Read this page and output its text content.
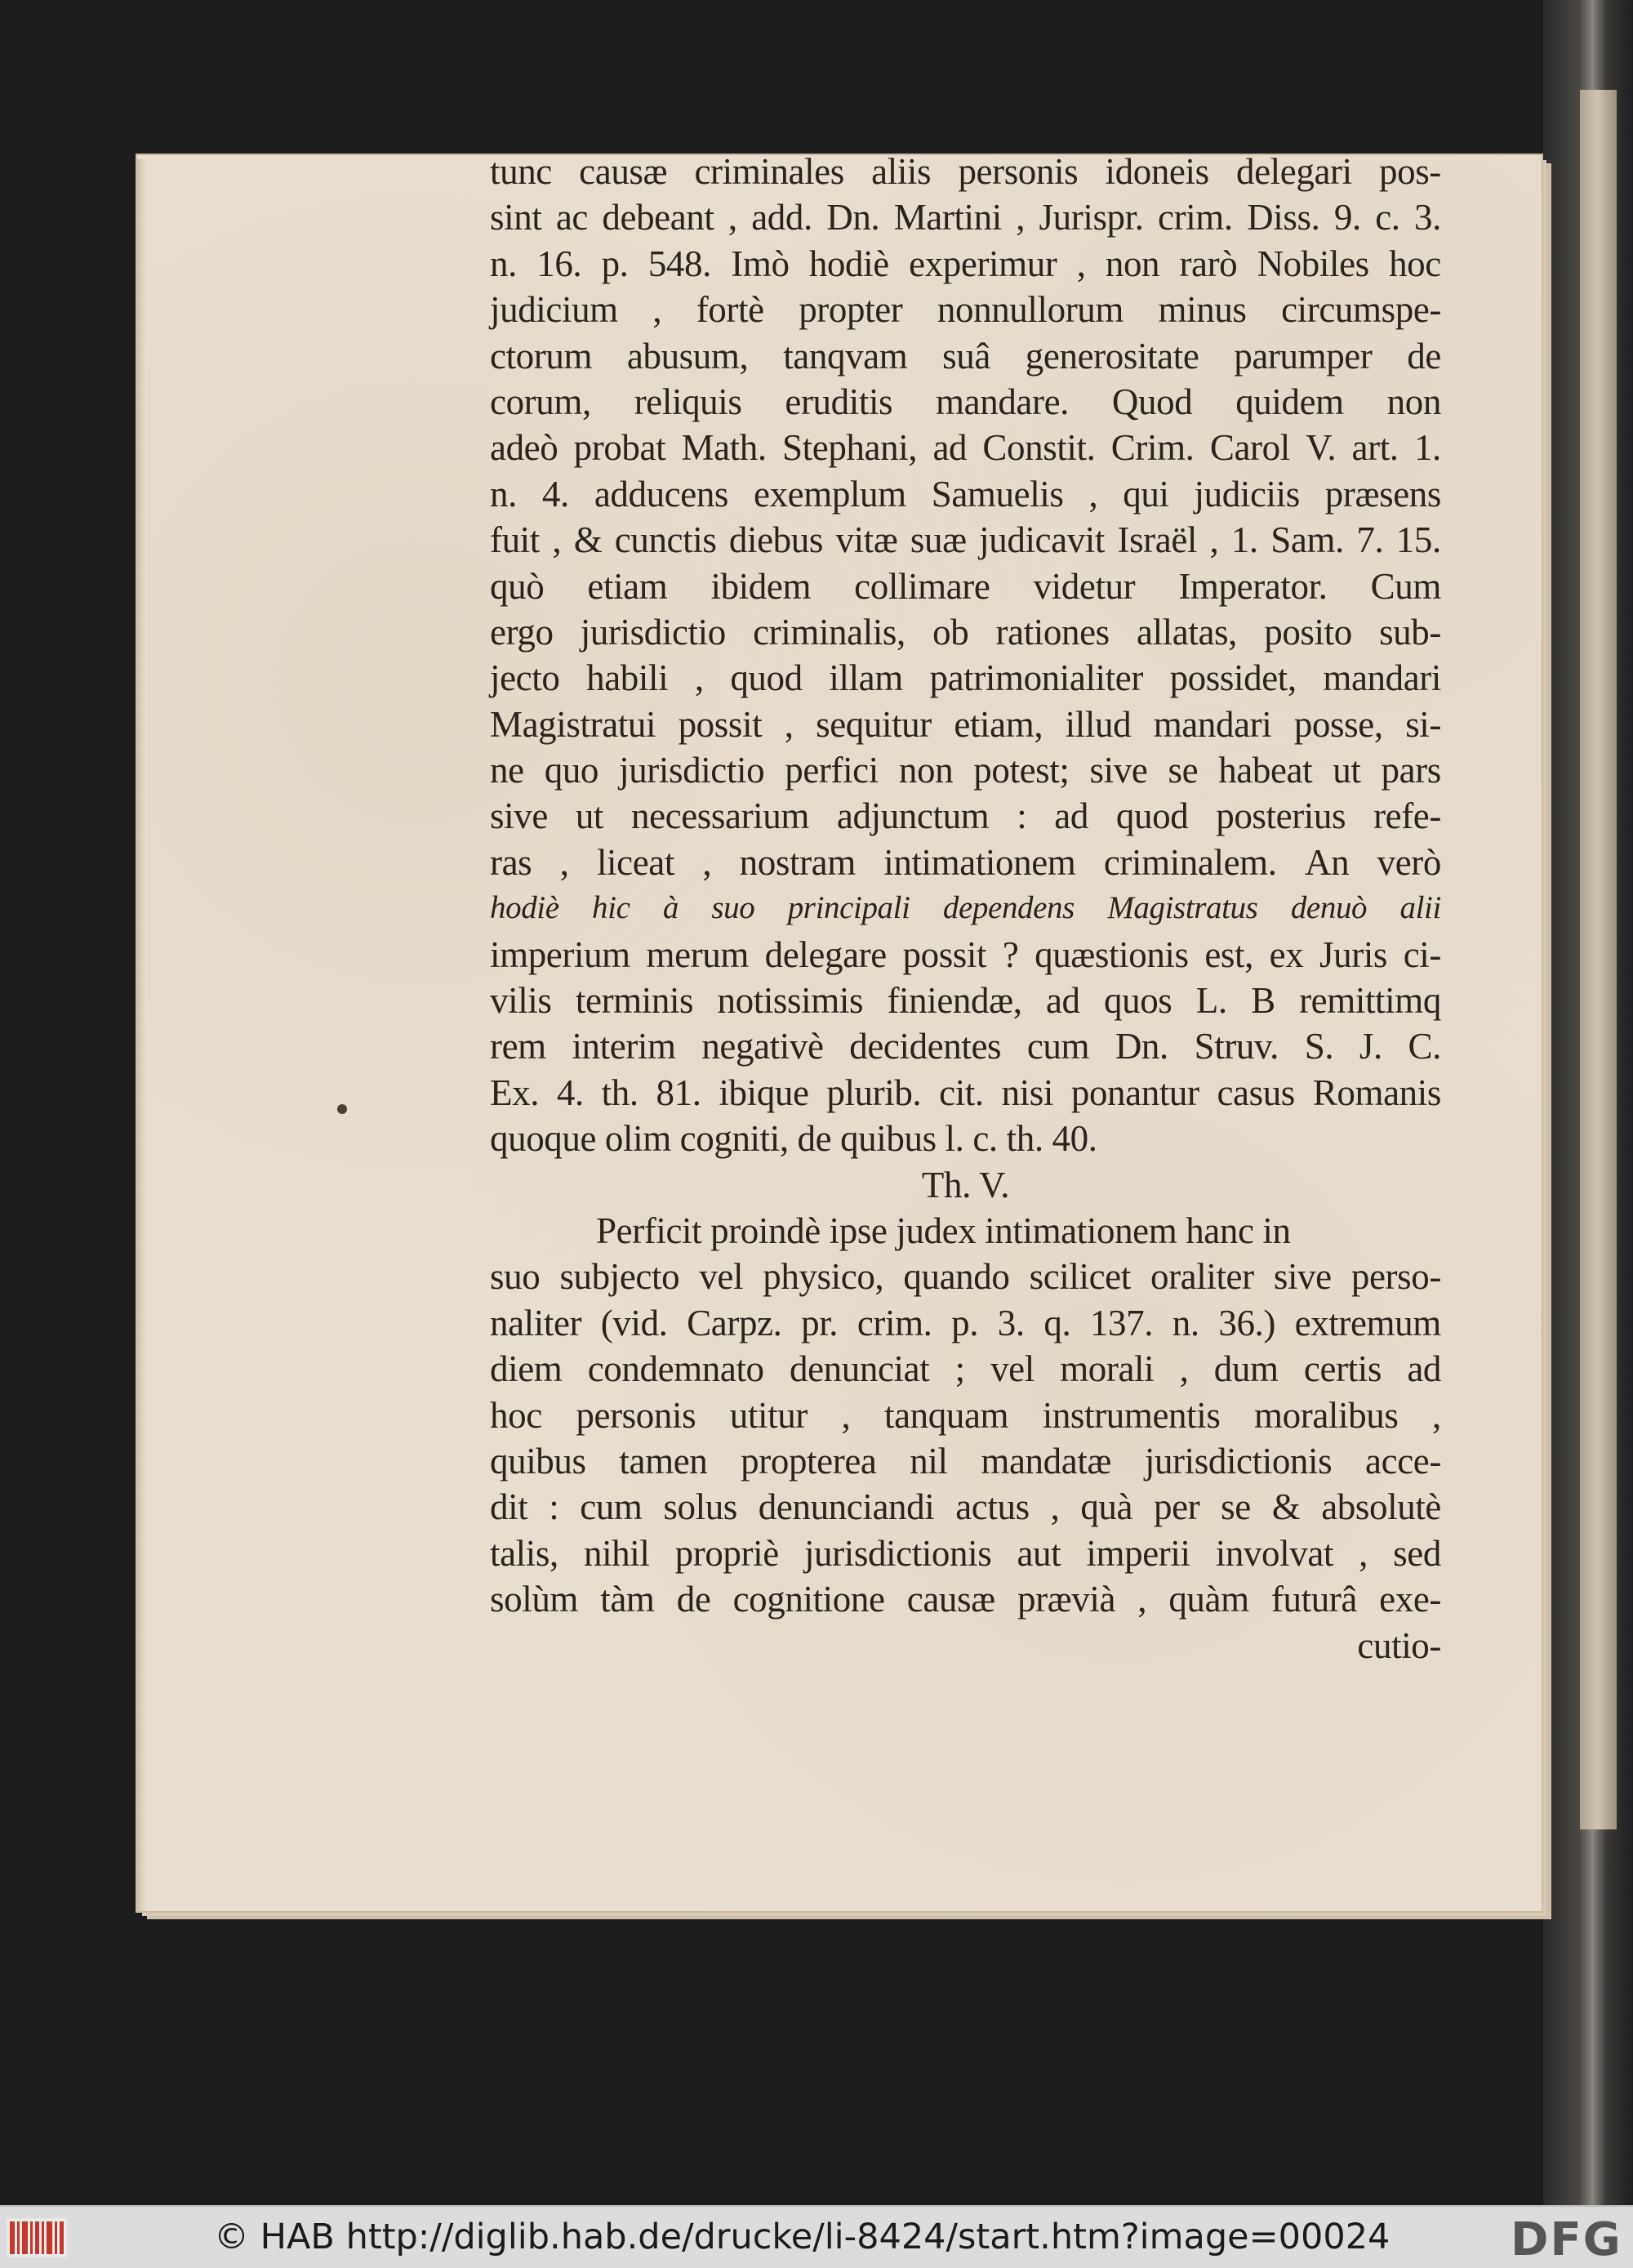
tunc causæ criminales aliis personis idoneis delegari pos-
sint ac debeant , add. Dn. Martini , Jurispr. crim. Diss. 9. c. 3.
n. 16. p. 548. Imò hodiè experimur , non rarò Nobiles hoc
judicium , fortè propter nonnullorum minus circumspe-
ctorum abusum, tanqvam suâ generositate parumper de
corum, reliquis eruditis mandare. Quod quidem non
adeò probat Math. Stephani, ad Constit. Crim. Carol V. art. 1.
n. 4. adducens exemplum Samuelis , qui judiciis præsens
fuit , & cunctis diebus vitæ suæ judicavit Israël , 1. Sam. 7. 15.
quò etiam ibidem collimare videtur Imperator. Cum
ergo jurisdictio criminalis, ob rationes allatas, posito sub-
jecto habili , quod illam patrimonialiter possidet, mandari
Magistratui possit , sequitur etiam, illud mandari posse, si-
ne quo jurisdictio perfici non potest; sive se habeat ut pars
sive ut necessarium adjunctum : ad quod posterius refe-
ras , liceat , nostram intimationem criminalem. An verò
hodiè hic à suo principali dependens Magistratus denuò alii
imperium merum delegare possit ? quæstionis est, ex Juris ci-
vilis terminis notissimis finiendæ, ad quos L. B remittimq
rem interim negativè decidentes cum Dn. Struv. S. J. C.
Ex. 4. th. 81. ibique plurib. cit. nisi ponantur casus Romanis
quoque olim cogniti, de quibus l. c. th. 40.
Th. V.
Perficit proindè ipse judex intimationem hanc in
suo subjecto vel physico, quando scilicet oraliter sive perso-
naliter (vid. Carpz. pr. crim. p. 3. q. 137. n. 36.) extremum
diem condemnato denunciat ; vel morali , dum certis ad
hoc personis utitur , tanquam instrumentis moralibus ,
quibus tamen propterea nil mandatæ jurisdictionis acce-
dit : cum solus denunciandi actus , quà per se & absolutè
talis, nihil propriè jurisdictionis aut imperii involvat , sed
solùm tàm de cognitione causæ prævià , quàm futurâ exe-
cutio-
© HAB http://diglib.hab.de/drucke/li-8424/start.htm?image=00024	DFG
